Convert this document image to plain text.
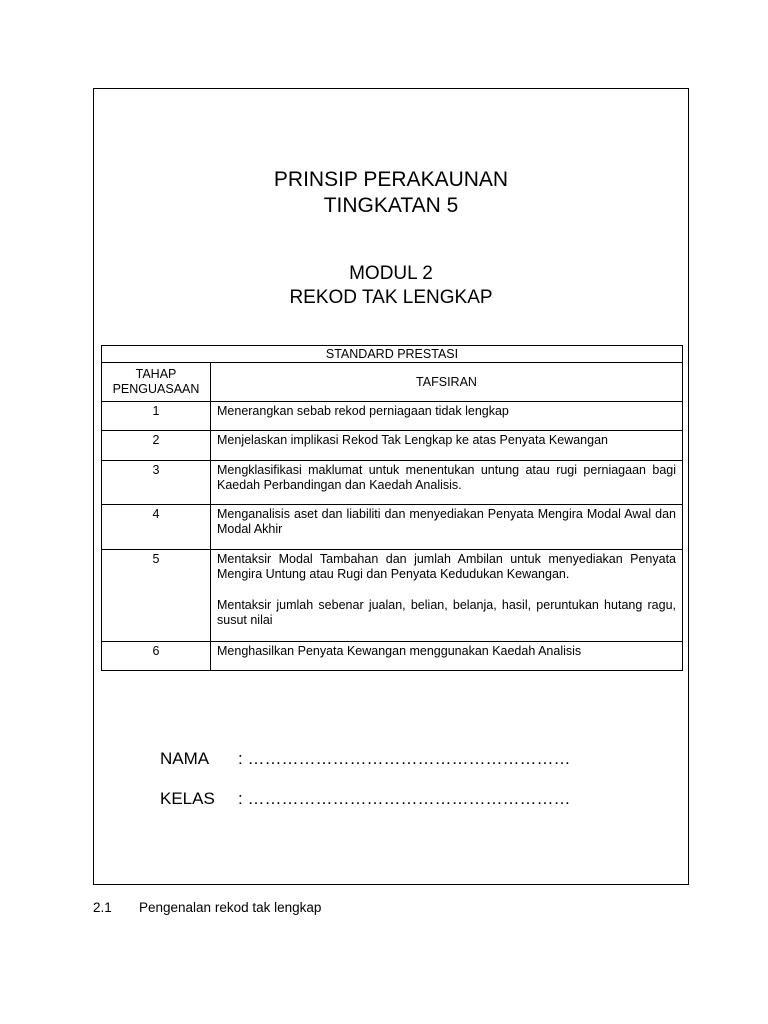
PRINSIP PERAKAUNAN
TINGKATAN 5
MODUL 2
REKOD TAK LENGKAP
STANDARD PRESTASI	
TAHAP PENGUASAAN	TAFSIRAN
1	Menerangkan sebab rekod perniagaan tidak lengkap

2	Menjelaskan implikasi Rekod Tak Lengkap ke atas Penyata Kewangan

3	Mengklasifikasi maklumat untuk menentukan untung atau rugi perniagaan bagi Kaedah Perbandingan dan Kaedah Analisis.

4	Menganalisis aset dan liabiliti dan menyediakan Penyata Mengira Modal Awal dan Modal Akhir

5	Mentaksir Modal Tambahan dan jumlah Ambilan untuk menyediakan Penyata Mengira Untung atau Rugi dan Penyata Kedudukan Kewangan.

Mentaksir jumlah sebenar jualan, belian, belanja, hasil, peruntukan hutang ragu, susut nilai

6	Menghasilkan Penyata Kewangan menggunakan Kaedah Analisis

NAMA : …………………………………………………
KELAS : …………………………………………………
2.1 Pengenalan rekod tak lengkap
